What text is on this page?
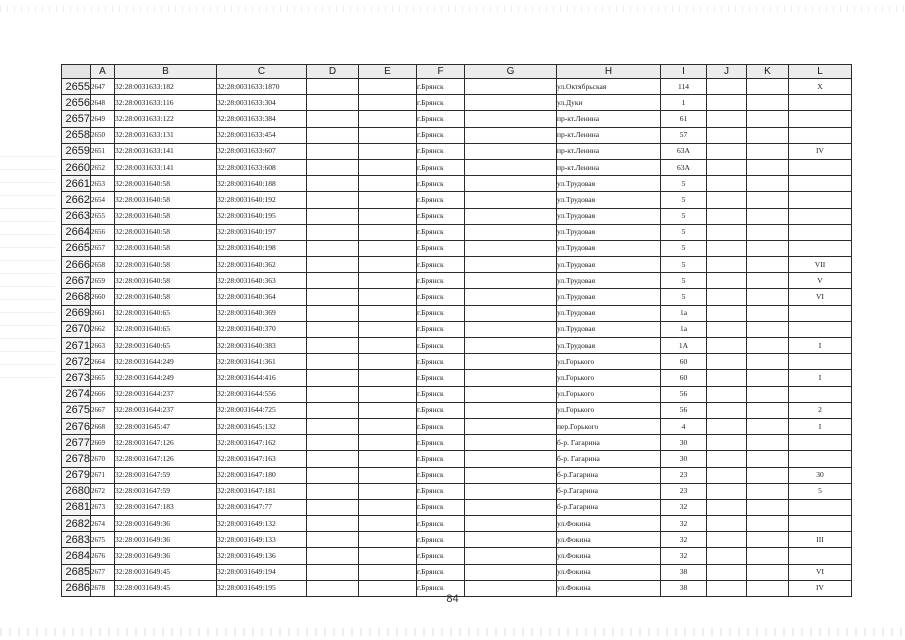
	A	B	C	D	E	F	G	H	I	J	K	L
2655	2647	32:28:0031633:182	32:28:0031633:1870			г.Брянск		ул.Октябрьская	114			X
2656	2648	32:28:0031633:116	32:28:0031633:304			г.Брянск		ул.Дуки	1			
2657	2649	32:28:0031633:122	32:28:0031633:384			г.Брянск		пр-кт.Ленина	61			
2658	2650	32:28:0031633:131	32:28:0031633:454			г.Брянск		пр-кт.Ленина	57			
2659	2651	32:28:0031633:141	32:28:0031633:607			г.Брянск		пр-кт.Ленина	63А			IV
2660	2652	32:28:0031633:141	32:28:0031633:608			г.Брянск		пр-кт.Ленина	63А			
2661	2653	32:28:0031640:58	32:28:0031640:188			г.Брянск		ул.Трудовая	5			
2662	2654	32:28:0031640:58	32:28:0031640:192			г.Брянск		ул.Трудовая	5			
2663	2655	32:28:0031640:58	32:28:0031640:195			г.Брянск		ул.Трудовая	5			
2664	2656	32:28:0031640:58	32:28:0031640:197			г.Брянск		ул.Трудовая	5			
2665	2657	32:28:0031640:58	32:28:0031640:198			г.Брянск		ул.Трудовая	5			
2666	2658	32:28:0031640:58	32:28:0031640:362			г.Брянск		ул.Трудовая	5			VII
2667	2659	32:28:0031640:58	32:28:0031640:363			г.Брянск		ул.Трудовая	5			V
2668	2660	32:28:0031640:58	32:28:0031640:364			г.Брянск		ул.Трудовая	5			VI
2669	2661	32:28:0031640:65	32:28:0031640:369			г.Брянск		ул.Трудовая	1а			
2670	2662	32:28:0031640:65	32:28:0031640:370			г.Брянск		ул.Трудовая	1а			
2671	2663	32:28:0031640:65	32:28:0031640:383			г.Брянск		ул.Трудовая	1А			I
2672	2664	32:28:0031644:249	32:28:0031641:361			г.Брянск		ул.Горького	60			
2673	2665	32:28:0031644:249	32:28:0031644:416			г.Брянск		ул.Горького	60			I
2674	2666	32:28:0031644:237	32:28:0031644:556			г.Брянск		ул.Горького	56			
2675	2667	32:28:0031644:237	32:28:0031644:725			г.Брянск		ул.Горького	56			2
2676	2668	32:28:0031645:47	32:28:0031645:132			г.Брянск		пер.Горького	4			I
2677	2669	32:28:0031647:126	32:28:0031647:162			г.Брянск		б-р. Гагарина	30			
2678	2670	32:28:0031647:126	32:28:0031647:163			г.Брянск		б-р. Гагарина	30			
2679	2671	32:28:0031647:59	32:28:0031647:180			г.Брянск		б-р.Гагарина	23			30
2680	2672	32:28:0031647:59	32:28:0031647:181			г.Брянск		б-р.Гагарина	23			5
2681	2673	32:28:0031647:183	32:28:0031647:77			г.Брянск		б-р.Гагарина	32			
2682	2674	32:28:0031649:36	32:28:0031649:132			г.Брянск		ул.Фокина	32			
2683	2675	32:28:0031649:36	32:28:0031649:133			г.Брянск		ул.Фокина	32			III
2684	2676	32:28:0031649:36	32:28:0031649:136			г.Брянск		ул.Фокина	32			
2685	2677	32:28:0031649:45	32:28:0031649:194			г.Брянск		ул.Фокина	38			VI
2686	2678	32:28:0031649:45	32:28:0031649:195			г.Брянск		ул.Фокина	38			IV
84
